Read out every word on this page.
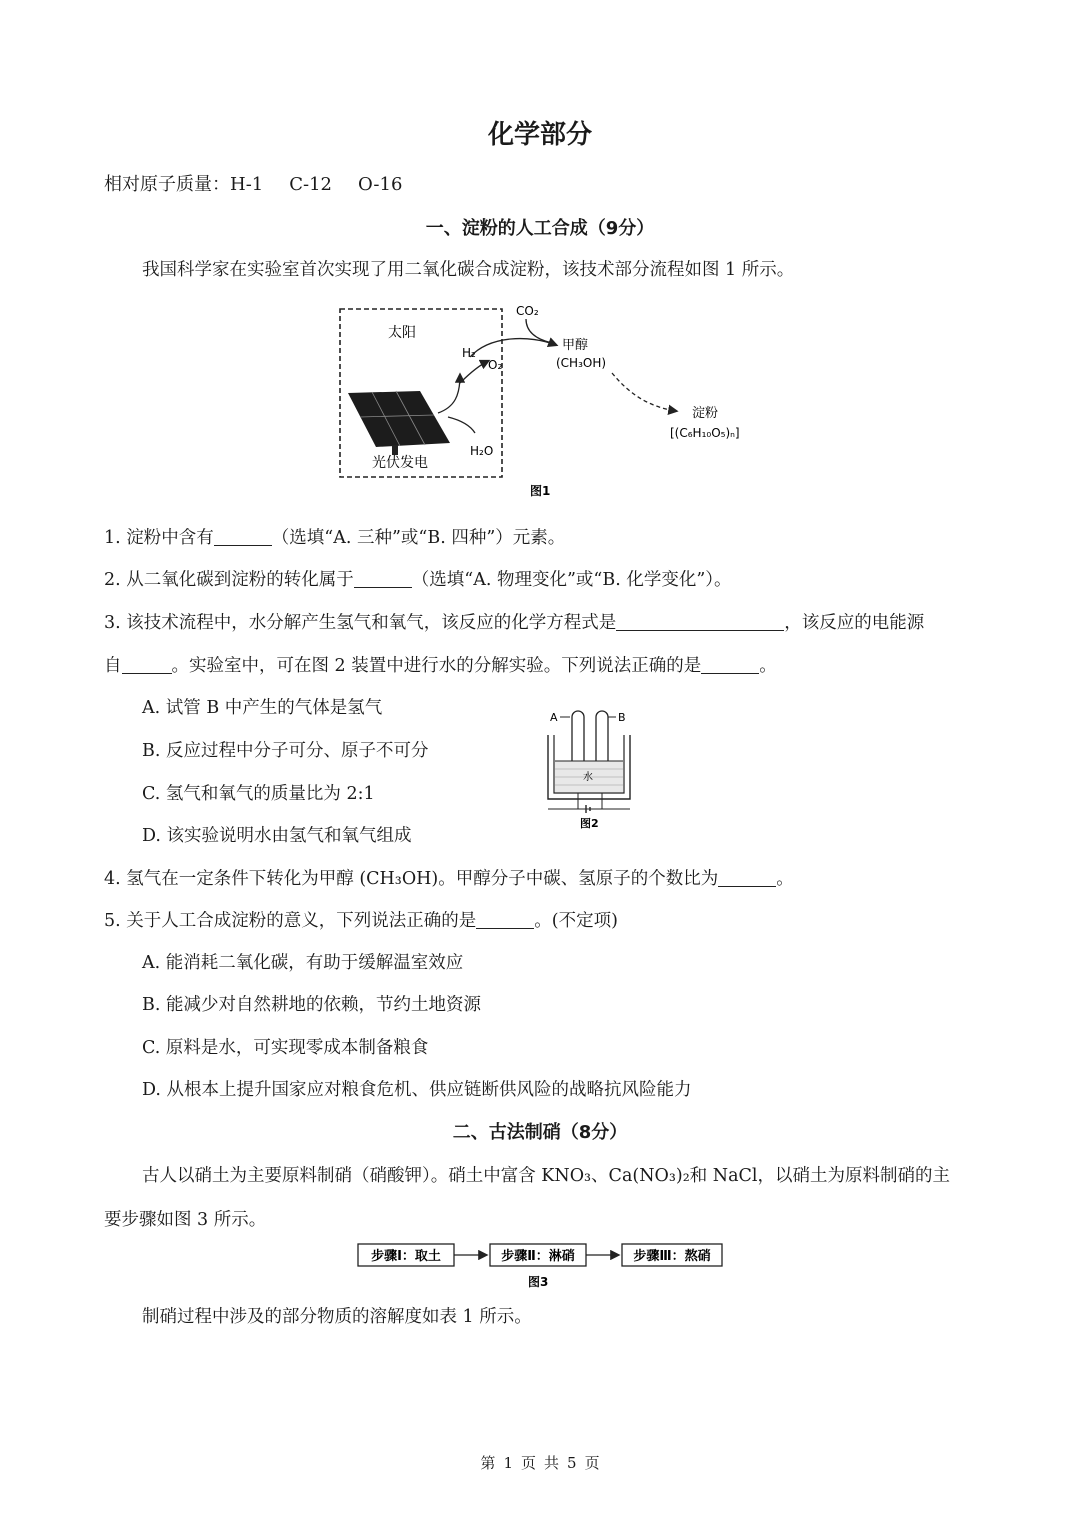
化学部分
相对原子质量：H-1 C-12 O-16
一、淀粉的人工合成（9分）
我国科学家在实验室首次实现了用二氧化碳合成淀粉，该技术部分流程如图 1 所示。
太阳
光伏发电
H₂
O₂
H₂O
CO₂
甲醇
(CH₃OH)
淀粉
[(C₆H₁₀O₅)ₙ]
图1
1. 淀粉中含有	（选填“A. 三种”或“B. 四种”）元素。
2. 从二氧化碳到淀粉的转化属于	（选填“A. 物理变化”或“B. 化学变化”）。
3. 该技术流程中，水分解产生氢气和氧气，该反应的化学方程式是	，该反应的电能源
自	。实验室中，可在图 2 装置中进行水的分解实验。下列说法正确的是	。
A. 试管 B 中产生的气体是氢气
B. 反应过程中分子可分、原子不可分
C. 氢气和氧气的质量比为 2:1
D. 该实验说明水由氢气和氧气组成
A	B
水
图2
4. 氢气在一定条件下转化为甲醇 (CH₃OH)。甲醇分子中碳、氢原子的个数比为	。
5. 关于人工合成淀粉的意义，下列说法正确的是	。(不定项)
A. 能消耗二氧化碳，有助于缓解温室效应
B. 能减少对自然耕地的依赖，节约土地资源
C. 原料是水，可实现零成本制备粮食
D. 从根本上提升国家应对粮食危机、供应链断供风险的战略抗风险能力
二、古法制硝（8分）
古人以硝土为主要原料制硝（硝酸钾）。硝土中富含 KNO₃、Ca(NO₃)₂和 NaCl，以硝土为原料制硝的主
要步骤如图 3 所示。
步骤Ⅰ：取土	步骤Ⅱ：淋硝	步骤Ⅲ：熬硝
图3
制硝过程中涉及的部分物质的溶解度如表 1 所示。
第 1 页 共 5 页
